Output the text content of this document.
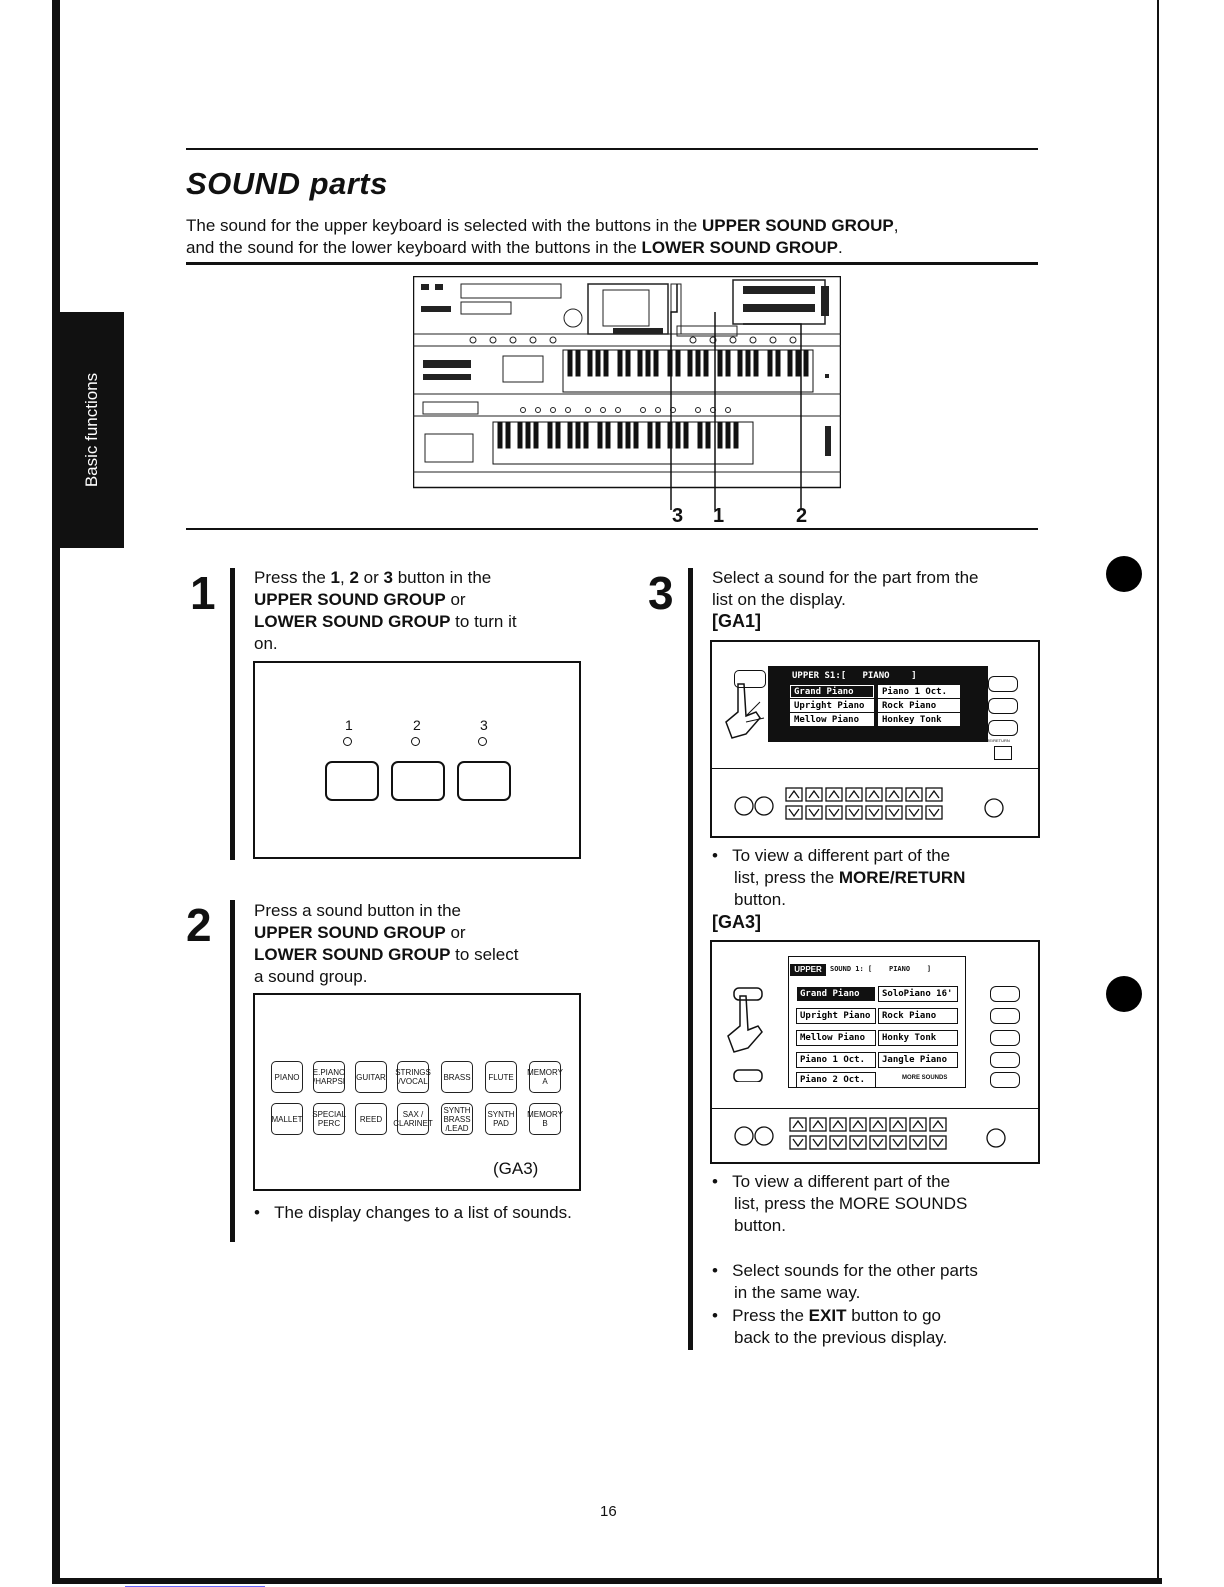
Basic functions
SOUND parts
The sound for the upper keyboard is selected with the buttons in the UPPER SOUND GROUP,
and the sound for the lower keyboard with the buttons in the LOWER SOUND GROUP.
3 1	2
1 Press the 1, 2 or 3 button in the
UPPER SOUND GROUP or
LOWER SOUND GROUP to turn it
on.
1	2	3
2 Press a sound button in the
UPPER SOUND GROUP or
LOWER SOUND GROUP to select
a sound group.
PIANO	E.PIANO /HARPSI GUITAR STRINGS /VOCAL	BRASS	FLUTE	MEMORY A
MALLET SPECIAL PERC	REED	SAX / CLARINET
SYNTH BRASS /LEAD
SYNTH PAD
MEMORY B
(GA3)
•   The display changes to a list of sounds.
3 Select a sound for the part from the
list on the display.
[GA1]
UPPER S1:[   PIANO    ]
Grand Piano
Upright Piano
Mellow Piano
Piano 1 Oct.
Rock Piano
Honkey Tonk
MORE/RETURN
•   To view a different part of the
list, press the MORE/RETURN
button.
[GA3]
UPPER	SOUND 1: [    PIANO    ]
Grand Piano
Upright Piano
Mellow Piano
Piano 1 Oct.
Piano 2 Oct.
SoloPiano 16'
Rock Piano
Honky Tonk
Jangle Piano
MORE SOUNDS
•   To view a different part of the
list, press the MORE SOUNDS
button.
•   Select sounds for the other parts
in the same way.
•   Press the EXIT button to go
back to the previous display.
16
